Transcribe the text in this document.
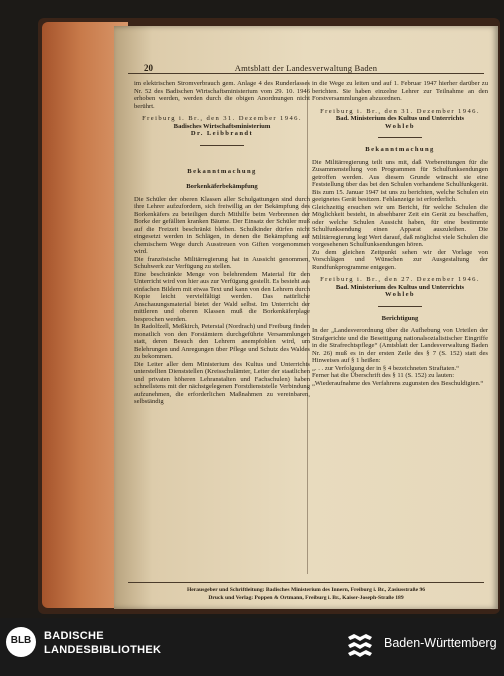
20	Amtsblatt der Landesverwaltung Baden
im elektrischen Stromverbrauch gem. Anlage 4 des Runderlasses Nr. 52 des Badischen Wirtschaftsministerium vom 29. 10. 1946 erhoben werden, werden durch die obigen Anordnungen nicht berührt.
Freiburg i. Br., den 31. Dezember 1946.
Badisches Wirtschaftsministerium
Dr. Leibbrandt
Bekanntmachung
Borkenkäferbekämpfung
Die Schüler der oberen Klassen aller Schulgattungen sind durch ihre Lehrer aufzufordern, sich freiwillig an der Bekämpfung des Borkenkäfers zu beteiligen durch Mithilfe beim Verbrennen der Borke der gefällten kranken Bäume. Der Einsatz der Schüler muß auf die Freizeit beschränkt bleiben. Schulkinder dürfen nicht eingesetzt werden in Schlägen, in denen die Bekämpfung auf chemischem Wege durch Ausstreuen von Giften vorgenommen wird.
Die französische Militärregierung hat in Aussicht genommen, Schuhwerk zur Verfügung zu stellen.
Eine beschränkte Menge von belehrendem Material für den Unterricht wird von hier aus zur Verfügung gestellt. Es besteht aus einfachen Bildern mit etwas Text und kann von den Lehrern durch Kopie leicht vervielfältigt werden. Das natürliche Anschauungsmaterial bietet der Wald selbst. Im Unterricht der mittleren und oberen Klassen muß die Borkenkäferplage besprochen werden.
In Radolfzell, Meßkirch, Peterstal (Nordrach) und Freiburg finden monatlich von den Forstämtern durchgeführte Versammlungen statt, deren Besuch den Lehrern anempfohlen wird, um Belehrungen und Anregungen über Pflege und Schutz des Waldes zu bekommen.
Die Leiter aller dem Ministerium des Kultus und Unterrichts unterstellten Dienststellen (Kreisschulämter, Leiter der staatlichen und privaten höheren Lehranstalten und Fachschulen) haben schnellstens mit der nächstgelegenen Forstdienststelle Verbindung aufzunehmen, die erforderlichen Maßnahmen zu vereinbaren, selbständig
in die Wege zu leiten und auf 1. Februar 1947 hierher darüber zu berichten. Sie haben einzelne Lehrer zur Teilnahme an den Forstversammlungen abzuordnen.
Freiburg i. Br., den 31. Dezember 1946.
Bad. Ministerium des Kultus und Unterrichts
Wohleb
Bekanntmachung
Die Militärregierung teilt uns mit, daß Vorbereitungen für die Zusammenstellung von Programmen für Schulfunksendungen getroffen werden. Aus diesem Grunde wünscht sie eine Feststellung über das bei den Schulen vorhandene Schulfunkgerät. Bis zum 15. Januar 1947 ist uns zu berichten, welche Schulen ein geeignetes Gerät besitzen. Fehlanzeige ist erforderlich.
Gleichzeitig ersuchen wir um Bericht, für welche Schulen die Möglichkeit besteht, in absehbarer Zeit ein Gerät zu beschaffen, oder welche Schulen Aussicht haben, für eine bestimmte Schulfunksendung einen Apparat auszuleihen. Die Militärregierung legt Wert darauf, daß möglichst viele Schulen die vorgesehenen Schulfunksendungen hören.
Zu dem gleichen Zeitpunkt sehen wir der Vorlage von Vorschlägen und Wünschen zur Ausgestaltung der Rundfunkprogramme entgegen.
Freiburg i. Br., den 27. Dezember 1946.
Bad. Ministerium des Kultus und Unterrichts
Wohleb
Berichtigung
In der „Landesverordnung über die Aufhebung von Urteilen der Strafgerichte und die Beseitigung nationalsozialistischer Eingriffe in die Strafrechtspflege“ (Amtsblatt der Landesverwaltung Baden Nr. 26) muß es in der ersten Zeile des § 7 (S. 152) statt des Hinweises auf § 1 heißen:
„. . . zur Verfolgung der in § 4 bezeichneten Straftaten.“
Ferner hat die Überschrift des § 11 (S. 152) zu lauten:
„Wiederaufnahme des Verfahrens zugunsten des Beschuldigten.“
Herausgeber und Schriftleitung: Badisches Ministerium des Innern, Freiburg i. Br., Zasiusstraße 96
Druck und Verlag: Poppen & Ortmann, Freiburg i. Br., Kaiser-Joseph-Straße 189
BLB	BADISCHE
LANDESBIBLIOTHEK	Baden-Württemberg
